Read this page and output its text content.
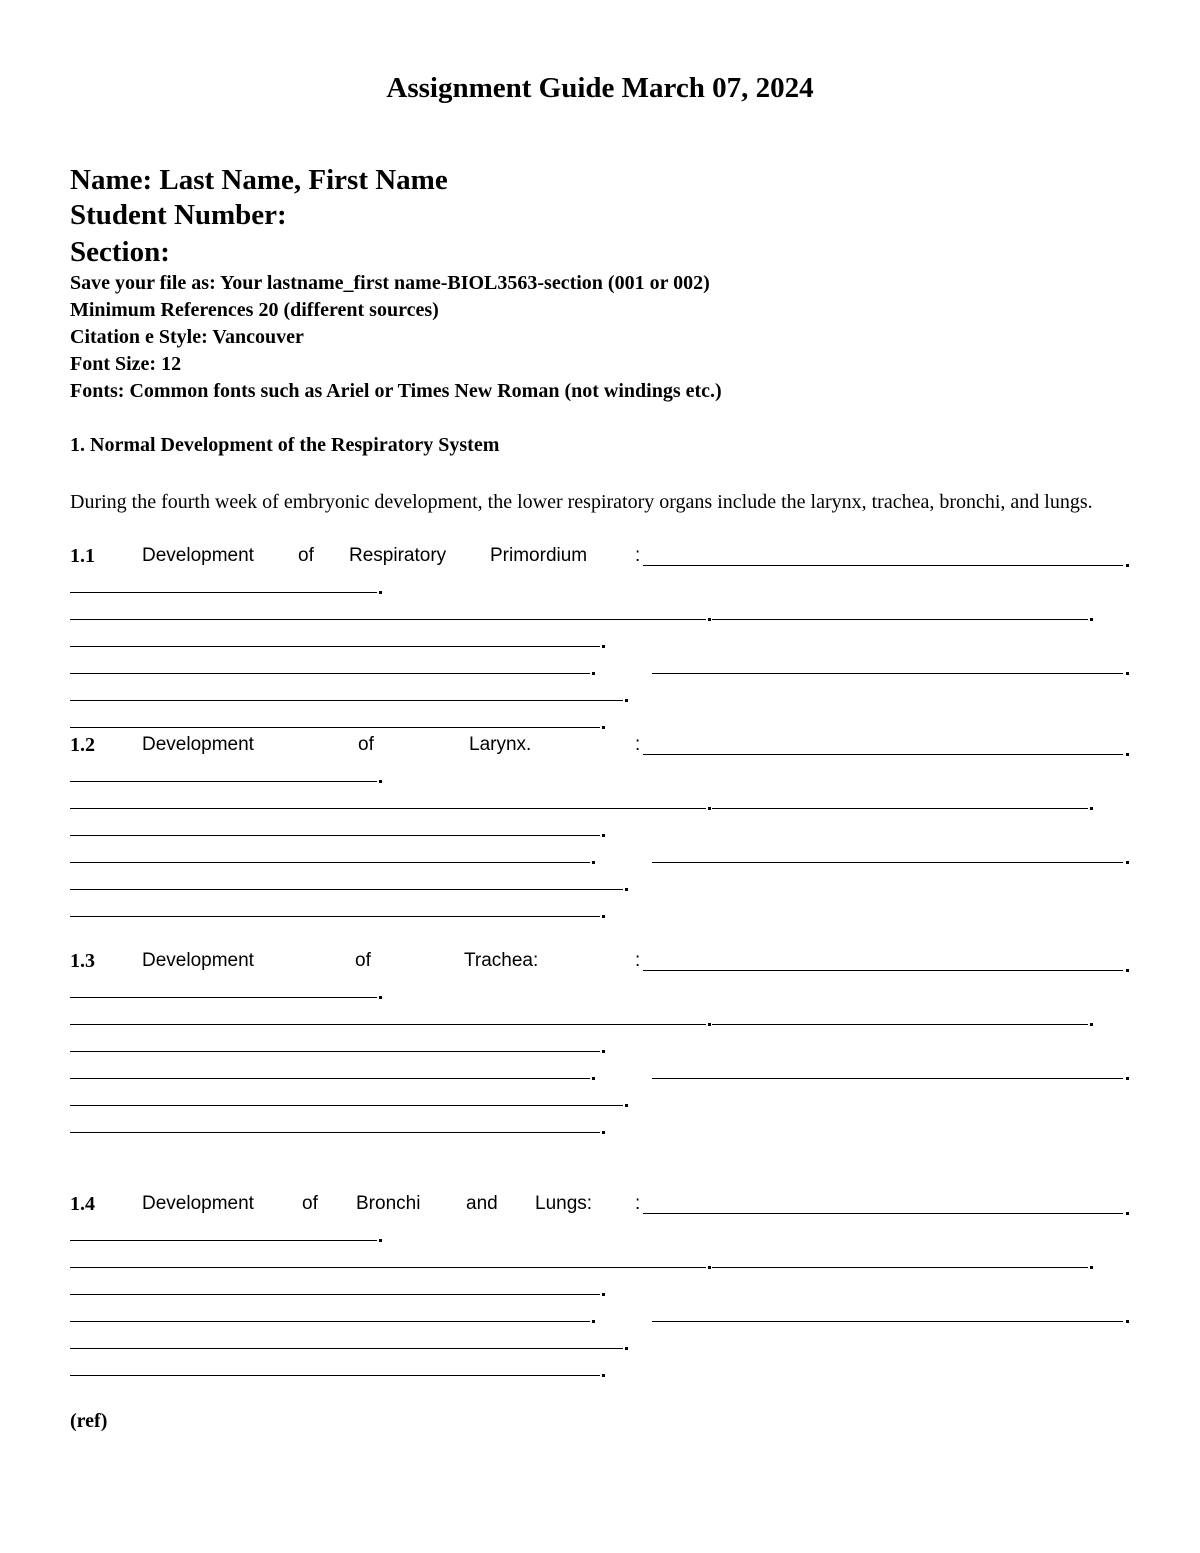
Assignment Guide March 07, 2024
Name: Last Name, First Name
Student Number:
Section:
Save your file as: Your lastname_first name-BIOL3563-section (001 or 002)
Minimum References 20 (different sources)
Citation e Style: Vancouver
Font Size: 12
Fonts: Common fonts such as Ariel or Times New Roman (not windings etc.)
1. Normal Development of the Respiratory System
During the fourth week of embryonic development, the lower respiratory organs include the larynx, trachea, bronchi, and lungs.
1.1 Development of Respiratory Primordium	:
1.2 Development	of	Larynx.	:
1.3 Development	of	Trachea:	:
1.4 Development	of Bronchi and Lungs: :
(ref)
